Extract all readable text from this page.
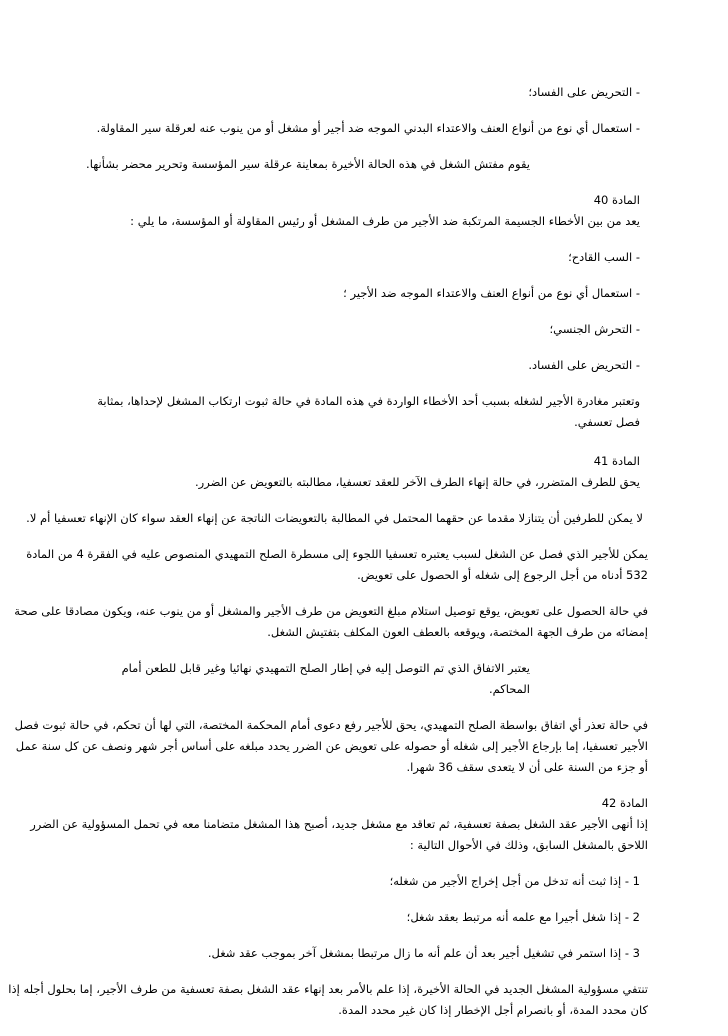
- التحريض على الفساد؛

- استعمال أي نوع من أنواع العنف والاعتداء البدني الموجه ضد أجير أو مشغل أو من ينوب عنه لعرقلة سير المقاولة.

يقوم مفتش الشغل في هذه الحالة الأخيرة بمعاينة عرقلة سير المؤسسة وتحرير محضر بشأنها.

المادة 40
يعد من بين الأخطاء الجسيمة المرتكبة ضد الأجير من طرف المشغل أو رئيس المقاولة أو المؤسسة، ما يلي :

- السب القادح؛

- استعمال أي نوع من أنواع العنف والاعتداء الموجه ضد الأجير ؛

- التحرش الجنسي؛

- التحريض على الفساد.

وتعتبر مغادرة الأجير لشغله بسبب أحد الأخطاء الواردة في هذه المادة في حالة ثبوت ارتكاب المشغل لإحداها، بمثابة فصل تعسفي.

المادة 41
يحق للطرف المتضرر، في حالة إنهاء الطرف الآخر للعقد تعسفيا، مطالبته بالتعويض عن الضرر.

لا يمكن للطرفين أن يتنازلا مقدما عن حقهما المحتمل في المطالبة بالتعويضات الناتجة عن إنهاء العقد سواء كان الإنهاء تعسفيا أم لا.

يمكن للأجير الذي فصل عن الشغل لسبب يعتبره تعسفيا اللجوء إلى مسطرة الصلح التمهيدي المنصوص عليه في الفقرة 4 من المادة 532 أدناه من أجل الرجوع إلى شغله أو الحصول على تعويض.

في حالة الحصول على تعويض، يوقع توصيل استلام مبلغ التعويض من طرف الأجير والمشغل أو من ينوب عنه، ويكون مصادقا على صحة إمضائه من طرف الجهة المختصة، ويوقعه بالعطف العون المكلف بتفتيش الشغل.

يعتبر الاتفاق الذي تم التوصل إليه في إطار الصلح التمهيدي نهائيا وغير قابل للطعن أمام المحاكم.

في حالة تعذر أي اتفاق بواسطة الصلح التمهيدي، يحق للأجير رفع دعوى أمام المحكمة المختصة، التي لها أن تحكم، في حالة ثبوت فصل الأجير تعسفيا، إما بإرجاع الأجير إلى شغله أو حصوله على تعويض عن الضرر يحدد مبلغه على أساس أجر شهر ونصف عن كل سنة عمل أو جزء من السنة على أن لا يتعدى سقف 36 شهرا.

المادة 42
إذا أنهى الأجير عقد الشغل بصفة تعسفية، ثم تعاقد مع مشغل جديد، أصبح هذا المشغل متضامنا معه في تحمل المسؤولية عن الضرر اللاحق بالمشغل السابق، وذلك في الأحوال التالية :

1 - إذا ثبت أنه تدخل من أجل إخراج الأجير من شغله؛

2 - إذا شغل أجيرا مع علمه أنه مرتبط بعقد شغل؛

3 - إذا استمر في تشغيل أجير بعد أن علم أنه ما زال مرتبطا بمشغل آخر بموجب عقد شغل.

تنتفي مسؤولية المشغل الجديد في الحالة الأخيرة، إذا علم بالأمر بعد إنهاء عقد الشغل بصفة تعسفية من طرف الأجير، إما بحلول أجله إذا كان محدد المدة، أو بانصرام أجل الإخطار إذا كان غير محدد المدة.
